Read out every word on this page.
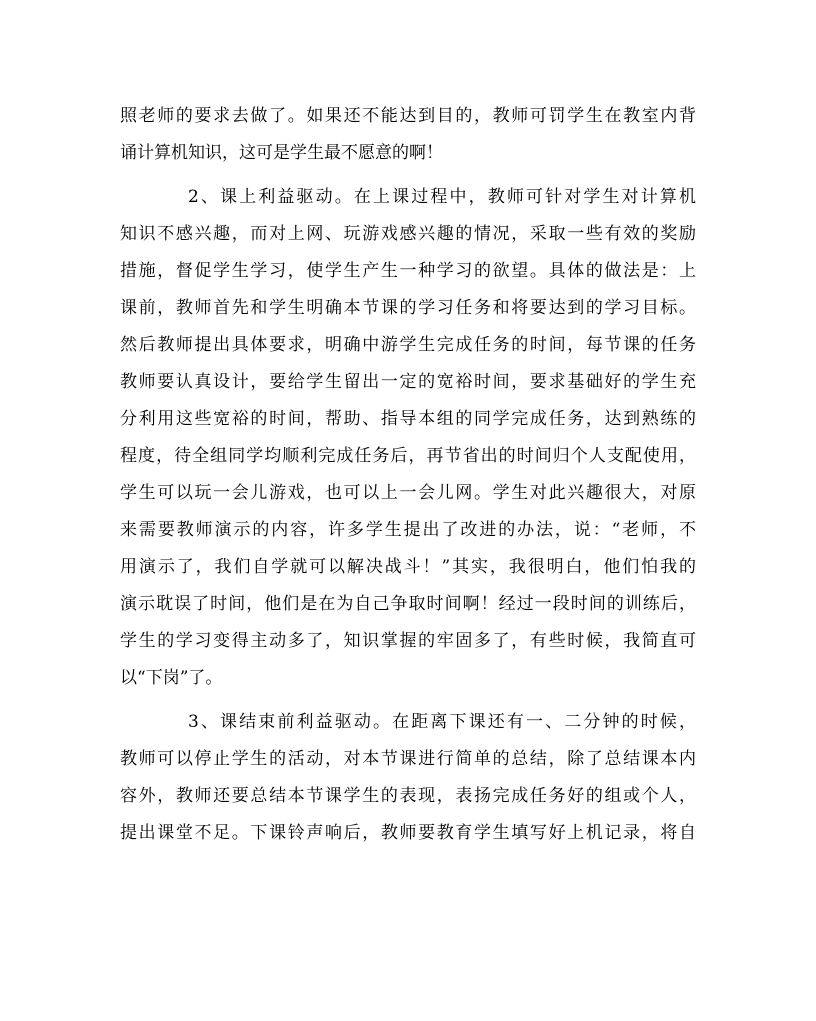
照老师的要求去做了。如果还不能达到目的，教师可罚学生在教室内背
诵计算机知识，这可是学生最不愿意的啊！
2、课上利益驱动。在上课过程中，教师可针对学生对计算机
知识不感兴趣，而对上网、玩游戏感兴趣的情况，采取一些有效的奖励
措施，督促学生学习，使学生产生一种学习的欲望。具体的做法是：上
课前，教师首先和学生明确本节课的学习任务和将要达到的学习目标。
然后教师提出具体要求，明确中游学生完成任务的时间，每节课的任务
教师要认真设计，要给学生留出一定的宽裕时间，要求基础好的学生充
分利用这些宽裕的时间，帮助、指导本组的同学完成任务，达到熟练的
程度，待全组同学均顺利完成任务后，再节省出的时间归个人支配使用，
学生可以玩一会儿游戏，也可以上一会儿网。学生对此兴趣很大，对原
来需要教师演示的内容，许多学生提出了改进的办法，说：“老师，不
用演示了，我们自学就可以解决战斗！”其实，我很明白，他们怕我的
演示耽误了时间，他们是在为自己争取时间啊！经过一段时间的训练后，
学生的学习变得主动多了，知识掌握的牢固多了，有些时候，我简直可
以“下岗”了。
3、课结束前利益驱动。在距离下课还有一、二分钟的时候，
教师可以停止学生的活动，对本节课进行简单的总结，除了总结课本内
容外，教师还要总结本节课学生的表现，表扬完成任务好的组或个人，
提出课堂不足。下课铃声响后，教师要教育学生填写好上机记录，将自
